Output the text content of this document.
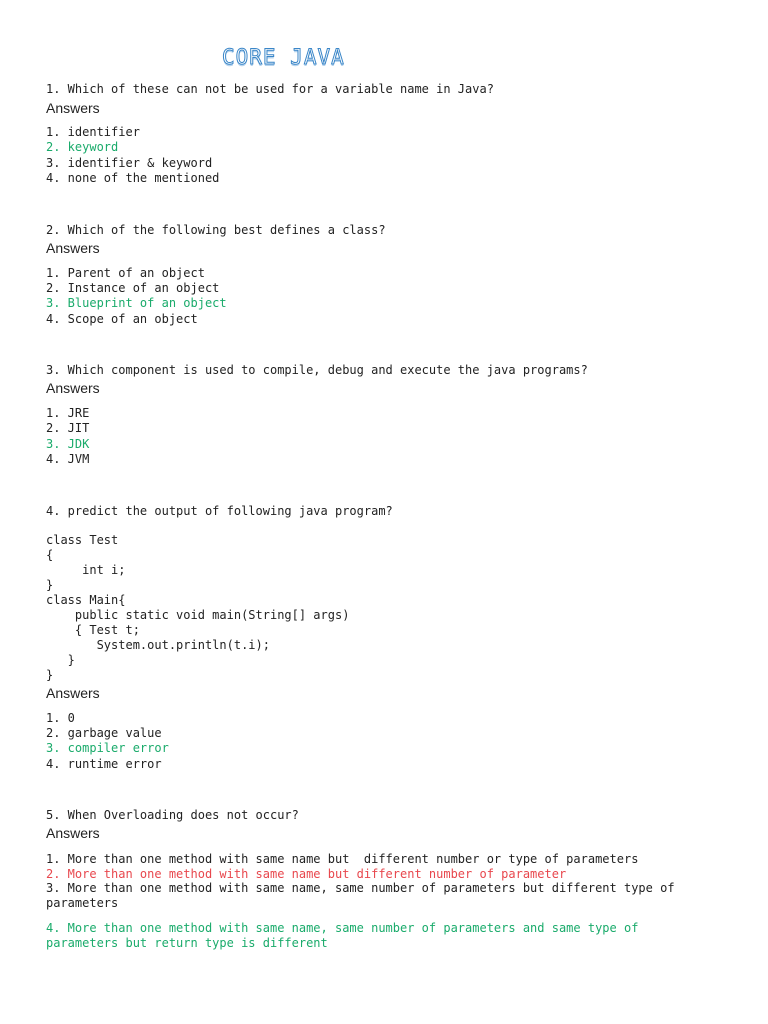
CORE JAVA
1. Which of these can not be used for a variable name in Java?
Answers
1. identifier
2. keyword
3. identifier & keyword
4. none of the mentioned
2. Which of the following best defines a class?
Answers
1. Parent of an object
2. Instance of an object
3. Blueprint of an object
4. Scope of an object
3. Which component is used to compile, debug and execute the java programs?
Answers
1. JRE
2. JIT
3. JDK
4. JVM
4. predict the output of following java program?
class Test
{
int i;
}
class Main{
public static void main(String[] args)
{ Test t;
System.out.println(t.i);
}
}
Answers
1. 0
2. garbage value
3. compiler error
4. runtime error
5. When Overloading does not occur?
Answers
1. More than one method with same name but  different number or type of parameters
2. More than one method with same name but different number of parameter
3. More than one method with same name, same number of parameters but different type of parameters
4. More than one method with same name, same number of parameters and same type of parameters but return type is different
